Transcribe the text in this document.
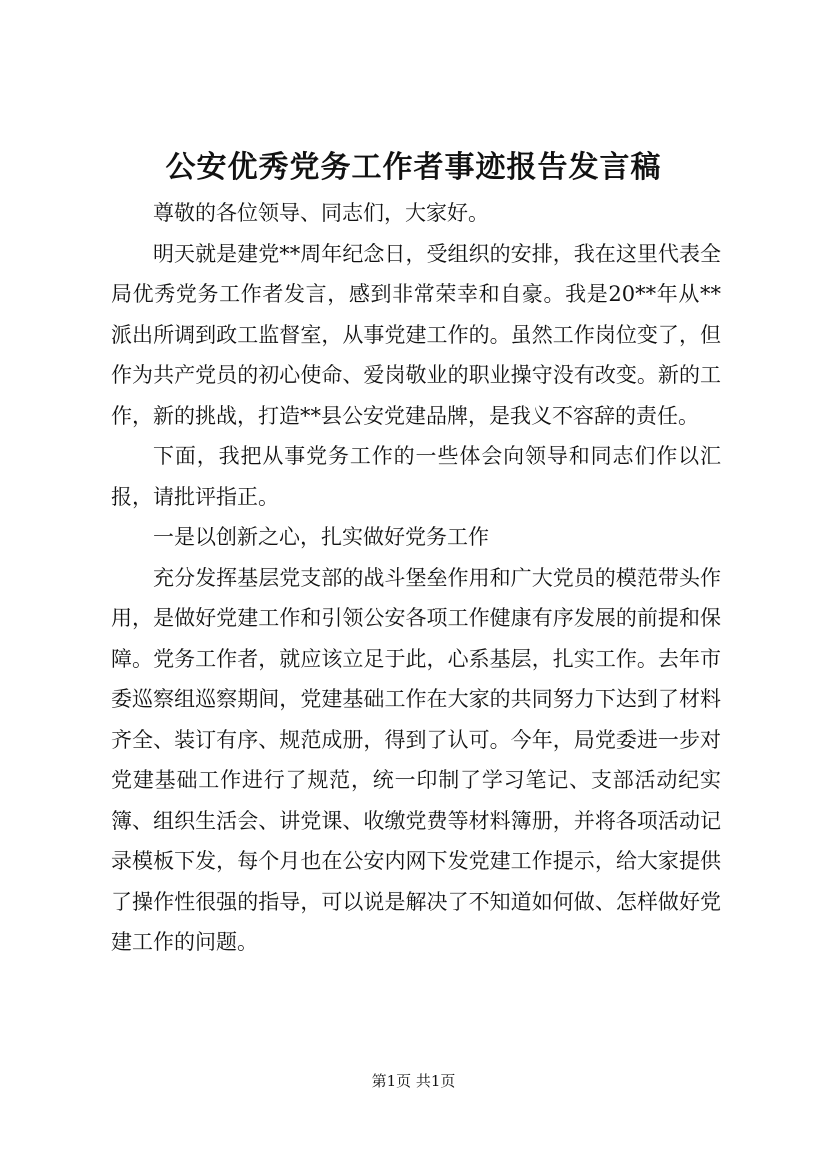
公安优秀党务工作者事迹报告发言稿

尊敬的各位领导、同志们，大家好。

明天就是建党**周年纪念日，受组织的安排，我在这里代表全局优秀党务工作者发言，感到非常荣幸和自豪。我是20**年从**派出所调到政工监督室，从事党建工作的。虽然工作岗位变了，但作为共产党员的初心使命、爱岗敬业的职业操守没有改变。新的工作，新的挑战，打造**县公安党建品牌，是我义不容辞的责任。

下面，我把从事党务工作的一些体会向领导和同志们作以汇报，请批评指正。

一是以创新之心，扎实做好党务工作

充分发挥基层党支部的战斗堡垒作用和广大党员的模范带头作用，是做好党建工作和引领公安各项工作健康有序发展的前提和保障。党务工作者，就应该立足于此，心系基层，扎实工作。去年市委巡察组巡察期间，党建基础工作在大家的共同努力下达到了材料齐全、装订有序、规范成册，得到了认可。今年，局党委进一步对党建基础工作进行了规范，统一印制了学习笔记、支部活动纪实簿、组织生活会、讲党课、收缴党费等材料簿册，并将各项活动记录模板下发，每个月也在公安内网下发党建工作提示，给大家提供了操作性很强的指导，可以说是解决了不知道如何做、怎样做好党建工作的问题。

第1页 共1页
